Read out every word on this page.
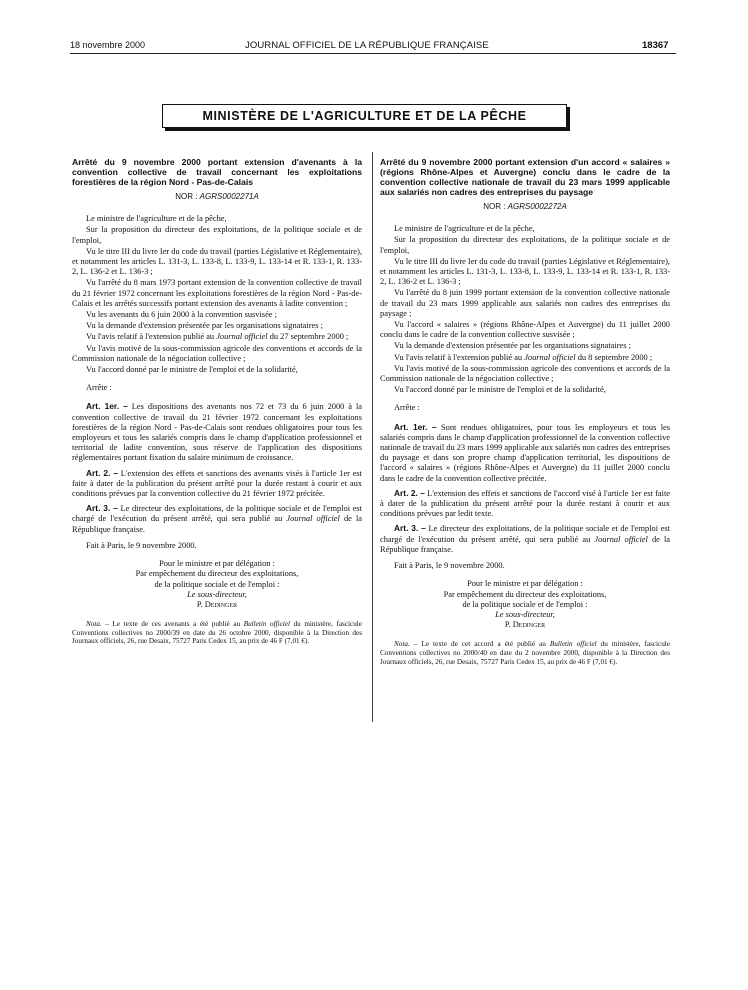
18 novembre 2000	JOURNAL OFFICIEL DE LA RÉPUBLIQUE FRANÇAISE	18367
MINISTÈRE DE L'AGRICULTURE ET DE LA PÊCHE

Arrêté du 9 novembre 2000 portant extension d'avenants à la convention collective de travail concernant les exploitations forestières de la région Nord - Pas-de-Calais

NOR : AGRS0002271A

Le ministre de l'agriculture et de la pêche,

Sur la proposition du directeur des exploitations, de la politique sociale et de l'emploi,

Vu le titre III du livre Ier du code du travail (parties Législative et Réglementaire), et notamment les articles L. 131-3, L. 133-8, L. 133-9, L. 133-14 et R. 133-1, R. 133-2, L. 136-2 et L. 136-3 ;

Vu l'arrêté du 8 mars 1973 portant extension de la convention collective de travail du 21 février 1972 concernant les exploitations forestières de la région Nord - Pas-de-Calais et les arrêtés successifs portant extension des avenants à ladite convention ;

Vu les avenants du 6 juin 2000 à la convention susvisée ;

Vu la demande d'extension présentée par les organisations signataires ;

Vu l'avis relatif à l'extension publié au Journal officiel du 27 septembre 2000 ;

Vu l'avis motivé de la sous-commission agricole des conventions et accords de la Commission nationale de la négociation collective ;

Vu l'accord donné par le ministre de l'emploi et de la solidarité,

Arrête :

Art. 1er. – Les dispositions des avenants nos 72 et 73 du 6 juin 2000 à la convention collective de travail du 21 février 1972 concernant les exploitations forestières de la région Nord - Pas-de-Calais sont rendues obligatoires pour tous les employeurs et tous les salariés compris dans le champ d'application professionnel et territorial de ladite convention, sous réserve de l'application des dispositions réglementaires portant fixation du salaire minimum de croissance.

Art. 2. – L'extension des effets et sanctions des avenants visés à l'article 1er est faite à dater de la publication du présent arrêté pour la durée restant à courir et aux conditions prévues par la convention collective du 21 février 1972 précitée.

Art. 3. – Le directeur des exploitations, de la politique sociale et de l'emploi est chargé de l'exécution du présent arrêté, qui sera publié au Journal officiel de la République française.

Fait à Paris, le 9 novembre 2000.

Pour le ministre et par délégation :

Par empêchement du directeur des exploitations,

de la politique sociale et de l'emploi :

Le sous-directeur,

P. Dedinger

Nota. – Le texte de ces avenants a été publié au Bulletin officiel du ministère, fascicule Conventions collectives no 2000/39 en date du 26 octobre 2000, disponible à la Direction des Journaux officiels, 26, rue Desaix, 75727 Paris Cedex 15, au prix de 46 F (7,01 €).

Arrêté du 9 novembre 2000 portant extension d'un accord « salaires » (régions Rhône-Alpes et Auvergne) conclu dans le cadre de la convention collective nationale de travail du 23 mars 1999 applicable aux salariés non cadres des entreprises du paysage

NOR : AGRS0002272A

Le ministre de l'agriculture et de la pêche,

Sur la proposition du directeur des exploitations, de la politique sociale et de l'emploi,

Vu le titre III du livre Ier du code du travail (parties Législative et Réglementaire), et notamment les articles L. 131-3, L. 133-8, L. 133-9, L. 133-14 et R. 133-1, R. 133-2, L. 136-2 et L. 136-3 ;

Vu l'arrêté du 8 juin 1999 portant extension de la convention collective nationale de travail du 23 mars 1999 applicable aux salariés non cadres des entreprises du paysage ;

Vu l'accord « salaires » (régions Rhône-Alpes et Auvergne) du 11 juillet 2000 conclu dans le cadre de la convention collective susvisée ;

Vu la demande d'extension présentée par les organisations signataires ;

Vu l'avis relatif à l'extension publié au Journal officiel du 8 septembre 2000 ;

Vu l'avis motivé de la sous-commission agricole des conventions et accords de la Commission nationale de la négociation collective ;

Vu l'accord donné par le ministre de l'emploi et de la solidarité,

Arrête :

Art. 1er. – Sont rendues obligatoires, pour tous les employeurs et tous les salariés compris dans le champ d'application professionnel de la convention collective nationale de travail du 23 mars 1999 applicable aux salariés non cadres des entreprises du paysage et dans son propre champ d'application territorial, les dispositions de l'accord « salaires » (régions Rhône-Alpes et Auvergne) du 11 juillet 2000 conclu dans le cadre de la convention collective précitée.

Art. 2. – L'extension des effets et sanctions de l'accord visé à l'article 1er est faite à dater de la publication du présent arrêté pour la durée restant à courir et aux conditions prévues par ledit texte.

Art. 3. – Le directeur des exploitations, de la politique sociale et de l'emploi est chargé de l'exécution du présent arrêté, qui sera publié au Journal officiel de la République française.

Fait à Paris, le 9 novembre 2000.

Pour le ministre et par délégation :

Par empêchement du directeur des exploitations,

de la politique sociale et de l'emploi :

Le sous-directeur,

P. Dedinger

Nota. – Le texte de cet accord a été publié au Bulletin officiel du ministère, fascicule Conventions collectives no 2000/40 en date du 2 novembre 2000, disponible à la Direction des Journaux officiels, 26, rue Desaix, 75727 Paris Cedex 15, au prix de 46 F (7,01 €).
